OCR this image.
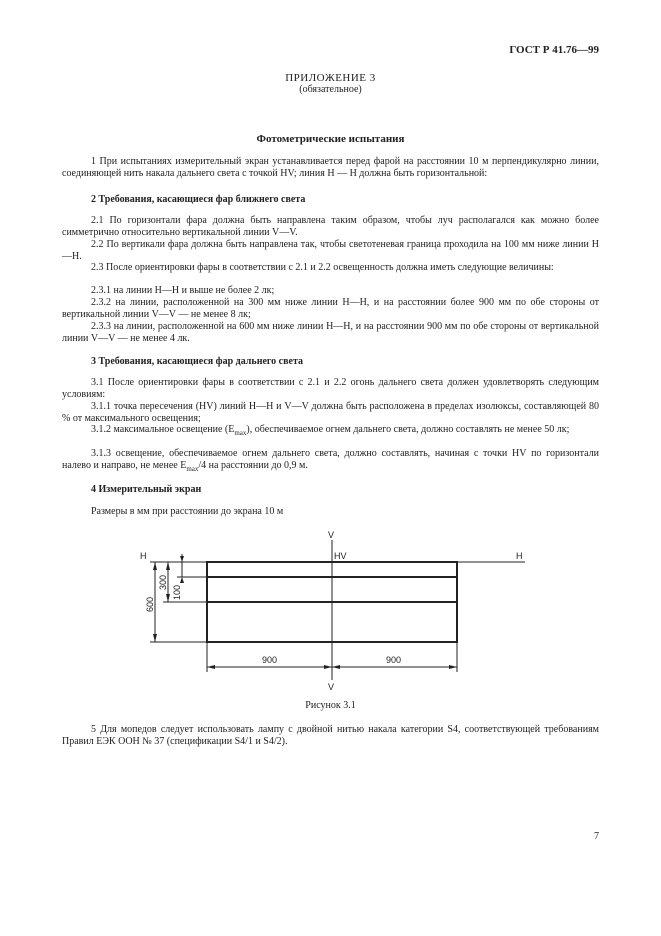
ГОСТ Р 41.76—99
ПРИЛОЖЕНИЕ 3
(обязательное)
Фотометрические испытания
1 При испытаниях измерительный экран устанавливается перед фарой на расстоянии 10 м перпендикулярно линии, соединяющей нить накала дальнего света с точкой HV; линия H — H должна быть горизонтальной:
2 Требования, касающиеся фар ближнего света
2.1 По горизонтали фара должна быть направлена таким образом, чтобы луч располагался как можно более симметрично относительно вертикальной линии V—V.
2.2 По вертикали фара должна быть направлена так, чтобы светотеневая граница проходила на 100 мм ниже линии H—H.
2.3 После ориентировки фары в соответствии с 2.1 и 2.2 освещенность должна иметь следующие величины:
2.3.1 на линии H—H и выше не более 2 лк;
2.3.2 на линии, расположенной на 300 мм ниже линии H—H, и на расстоянии более 900 мм по обе стороны от вертикальной линии V—V — не менее 8 лк;
2.3.3 на линии, расположенной на 600 мм ниже линии H—H, и на расстоянии 900 мм по обе стороны от вертикальной линии V—V — не менее 4 лк.
3 Требования, касающиеся фар дальнего света
3.1 После ориентировки фары в соответствии с 2.1 и 2.2 огонь дальнего света должен удовлетворять следующим условиям:
3.1.1 точка пересечения (HV) линий H—H и V—V должна быть расположена в пределах изолюксы, составляющей 80 % от максимального освещения;
3.1.2 максимальное освещение $(E_{max})$, обеспечиваемое огнем дальнего света, должно составлять не менее 50 лк;
3.1.3 освещение, обеспечиваемое огнем дальнего света, должно составлять, начиная с точки HV по горизонтали налево и направо, не менее $E_{max}/4$ на расстоянии до 0,9 м.
4 Измерительный экран
Размеры в мм при расстоянии до экрана 10 м
V
V
H	H
HV
300
100
600
900	900
Рисунок 3.1
5 Для мопедов следует использовать лампу с двойной нитью накала категории S4, соответствующей требованиям Правил ЕЭК ООН № 37 (спецификации S4/1 и S4/2).
7
